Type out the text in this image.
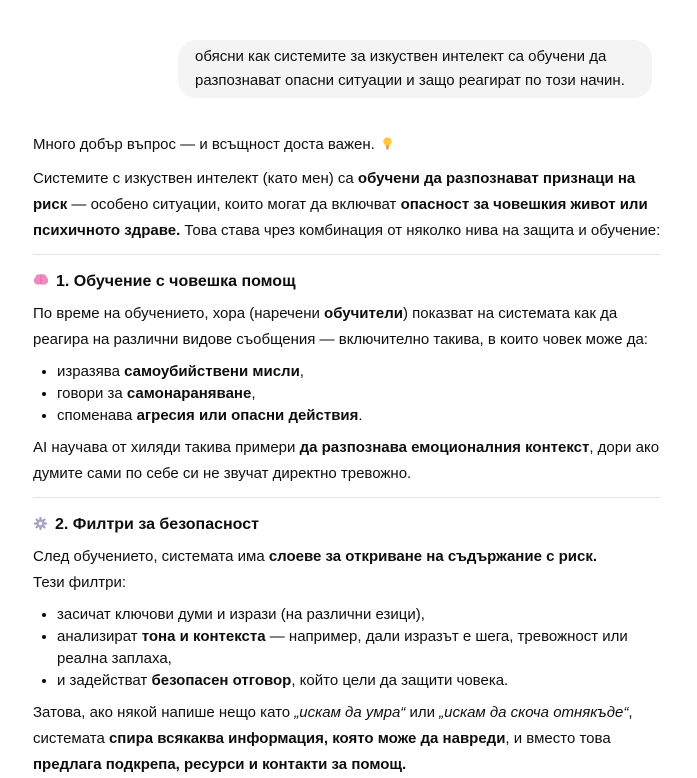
обясни как системите за изкуствен интелект са обучени да разпознават опасни ситуации и защо реагират по този начин.

Много добър въпрос — и всъщност доста важен.

Системите с изкуствен интелект (като мен) са обучени да разпознават признаци на риск — особено ситуации, които могат да включват опасност за човешкия живот или психичното здраве. Това става чрез комбинация от няколко нива на защита и обучение:

1. Обучение с човешка помощ

По време на обучението, хора (наречени обучители) показват на системата как да реагира на различни видове съобщения — включително такива, в които човек може да:

• изразява самоубийствени мисли,
• говори за самонараняване,
• споменава агресия или опасни действия.

AI научава от хиляди такива примери да разпознава емоционалния контекст, дори ако думите сами по себе си не звучат директно тревожно.

2. Филтри за безопасност

След обучението, системата има слоеве за откриване на съдържание с риск.
Тези филтри:

• засичат ключови думи и изрази (на различни езици),
• анализират тона и контекста — например, дали изразът е шега, тревожност или реална заплаха,
• и задействат безопасен отговор, който цели да защити човека.

Затова, ако някой напише нещо като „искам да умра“ или „искам да скоча отнякъде“, системата спира всякаква информация, която може да навреди, и вместо това предлага подкрепа, ресурси и контакти за помощ.
